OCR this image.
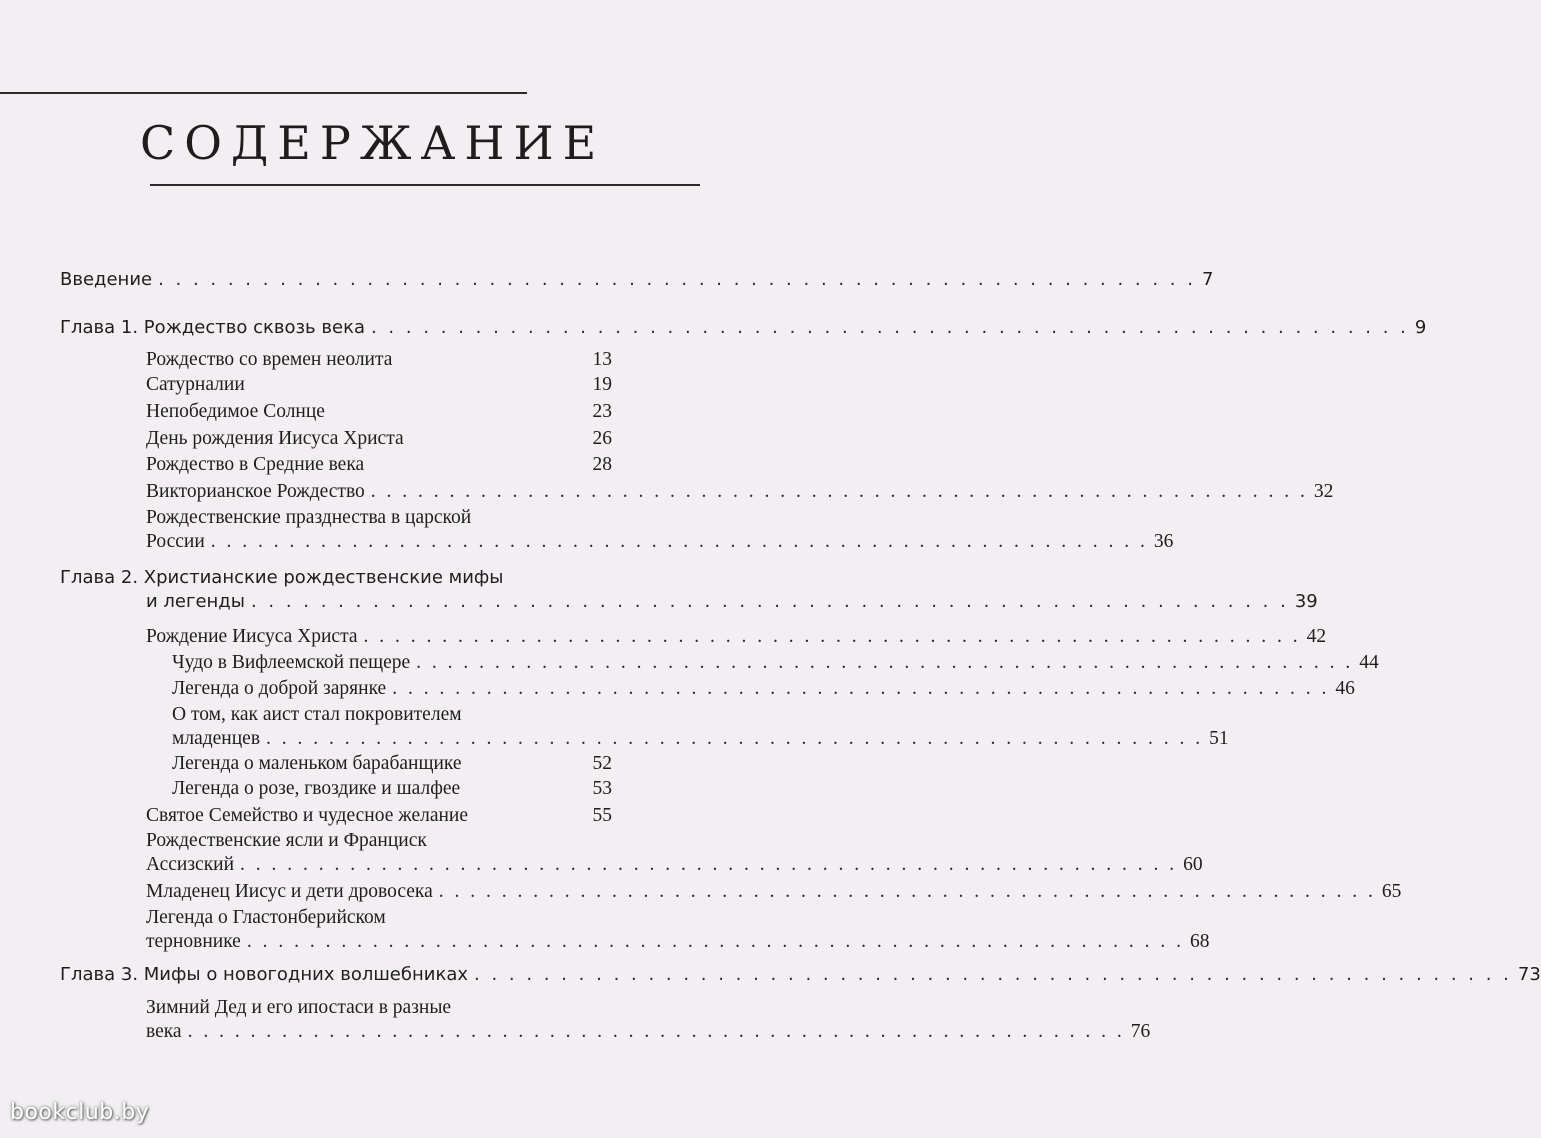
СОДЕРЖАНИЕ
Введение . . . . . . . . . . . . . . . . . . . . . . . . . . . . . . . . . . . . . . . . . . . . . . . . . . . . . . . . . . . . 7
Глава 1. Рождество сквозь века . . . . . . . . . . . . . . . . . . . . . . . . . . . . . . . . . . . . . . . . . . . . . . . . . . . . . . . . . . . . 9
Рождество со времен неолита	13
Сатурналии	19
Непобедимое Солнце	23
День рождения Иисуса Христа	26
Рождество в Средние века	28
Викторианское Рождество . . . . . . . . . . . . . . . . . . . . . . . . . . . . . . . . . . . . . . . . . . . . . . . . . . . . . . . . . . . . 32
Рождественские празднества в царской
России . . . . . . . . . . . . . . . . . . . . . . . . . . . . . . . . . . . . . . . . . . . . . . . . . . . . . . . . . . . . 36
Глава 2. Христианские рождественские мифы
и легенды . . . . . . . . . . . . . . . . . . . . . . . . . . . . . . . . . . . . . . . . . . . . . . . . . . . . . . . . . . . . 39
Рождение Иисуса Христа . . . . . . . . . . . . . . . . . . . . . . . . . . . . . . . . . . . . . . . . . . . . . . . . . . . . . . . . . . . . 42
Чудо в Вифлеемской пещере . . . . . . . . . . . . . . . . . . . . . . . . . . . . . . . . . . . . . . . . . . . . . . . . . . . . . . . . . . . . 44
Легенда о доброй зарянке . . . . . . . . . . . . . . . . . . . . . . . . . . . . . . . . . . . . . . . . . . . . . . . . . . . . . . . . . . . . 46
О том, как аист стал покровителем
младенцев . . . . . . . . . . . . . . . . . . . . . . . . . . . . . . . . . . . . . . . . . . . . . . . . . . . . . . . . . . . . 51
Легенда о маленьком барабанщике	52
Легенда о розе, гвоздике и шалфее	53
Святое Семейство и чудесное желание	55
Рождественские ясли и Франциск
Ассизский . . . . . . . . . . . . . . . . . . . . . . . . . . . . . . . . . . . . . . . . . . . . . . . . . . . . . . . . . . . . 60
Младенец Иисус и дети дровосека . . . . . . . . . . . . . . . . . . . . . . . . . . . . . . . . . . . . . . . . . . . . . . . . . . . . . . . . . . . . 65
Легенда о Гластонберийском
терновнике . . . . . . . . . . . . . . . . . . . . . . . . . . . . . . . . . . . . . . . . . . . . . . . . . . . . . . . . . . . . 68
Глава 3. Мифы о новогодних волшебниках . . . . . . . . . . . . . . . . . . . . . . . . . . . . . . . . . . . . . . . . . . . . . . . . . . . . . . . . . . . . 73
Зимний Дед и его ипостаси в разные
века . . . . . . . . . . . . . . . . . . . . . . . . . . . . . . . . . . . . . . . . . . . . . . . . . . . . . . . . . . . . 76
bookclub.by
